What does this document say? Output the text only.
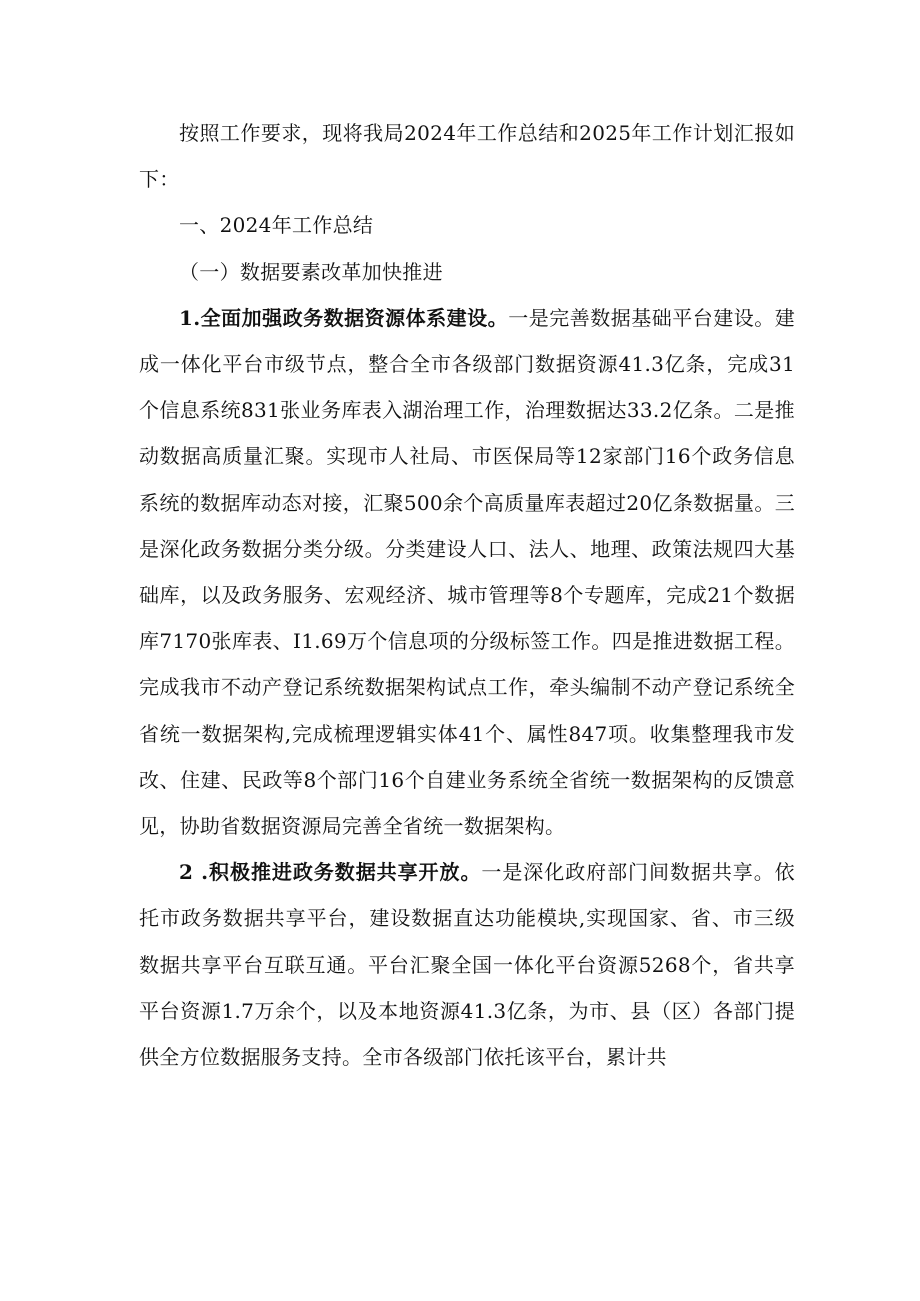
按照工作要求，现将我局2024年工作总结和2025年工作计划汇报如下：

一、2024年工作总结

（一）数据要素改革加快推进

1.全面加强政务数据资源体系建设。一是完善数据基础平台建设。建成一体化平台市级节点，整合全市各级部门数据资源41.3亿条，完成31个信息系统831张业务库表入湖治理工作，治理数据达33.2亿条。二是推动数据高质量汇聚。实现市人社局、市医保局等12家部门16个政务信息系统的数据库动态对接，汇聚500余个高质量库表超过20亿条数据量。三是深化政务数据分类分级。分类建设人口、法人、地理、政策法规四大基础库，以及政务服务、宏观经济、城市管理等8个专题库，完成21个数据库7170张库表、I1.69万个信息项的分级标签工作。四是推进数据工程。完成我市不动产登记系统数据架构试点工作，牵头编制不动产登记系统全省统一数据架构,完成梳理逻辑实体41个、属性847项。收集整理我市发改、住建、民政等8个部门16个自建业务系统全省统一数据架构的反馈意见，协助省数据资源局完善全省统一数据架构。

2 .积极推进政务数据共享开放。一是深化政府部门间数据共享。依托市政务数据共享平台，建设数据直达功能模块,实现国家、省、市三级数据共享平台互联互通。平台汇聚全国一体化平台资源5268个，省共享平台资源1.7万余个，以及本地资源41.3亿条，为市、县（区）各部门提供全方位数据服务支持。全市各级部门依托该平台，累计共
